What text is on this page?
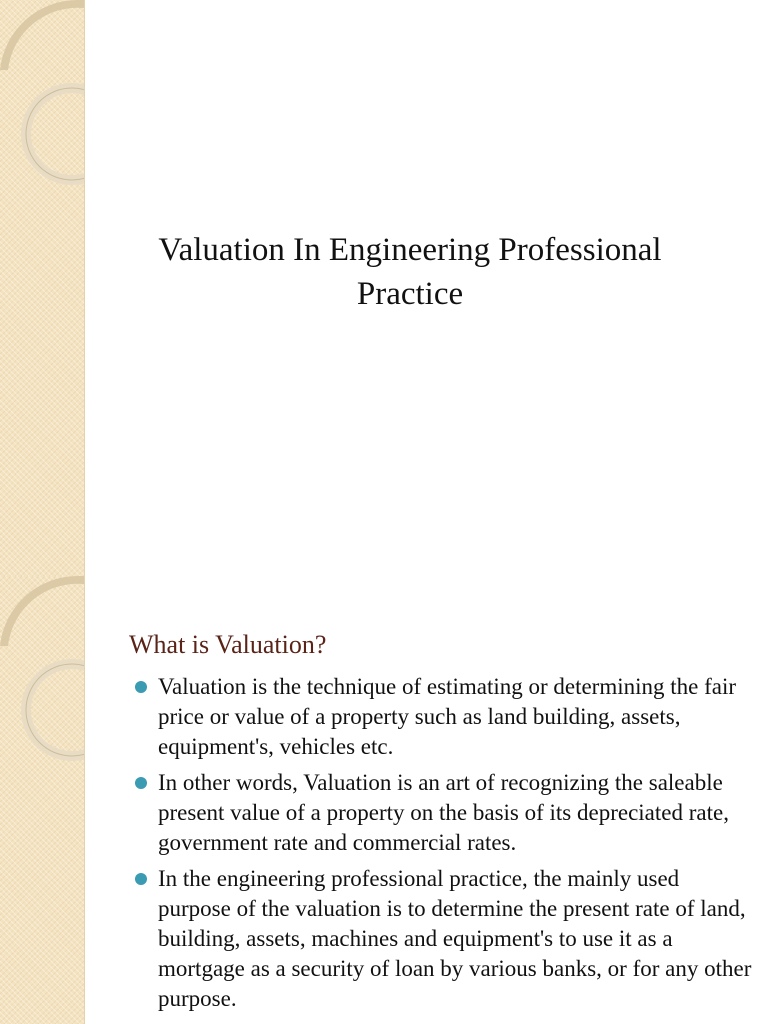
Valuation In Engineering Professional
Practice
What is Valuation?
Valuation is the technique of estimating or determining the fair price or value of a property such as land building, assets, equipment's, vehicles etc.
In other words, Valuation is an art of recognizing the saleable present value of a property on the basis of its depreciated rate, government rate and commercial rates.
In the engineering professional practice, the mainly used purpose of the valuation is to determine the present rate of land, building, assets, machines and equipment's to use it as a mortgage as a security of loan by various banks, or for any other purpose.
